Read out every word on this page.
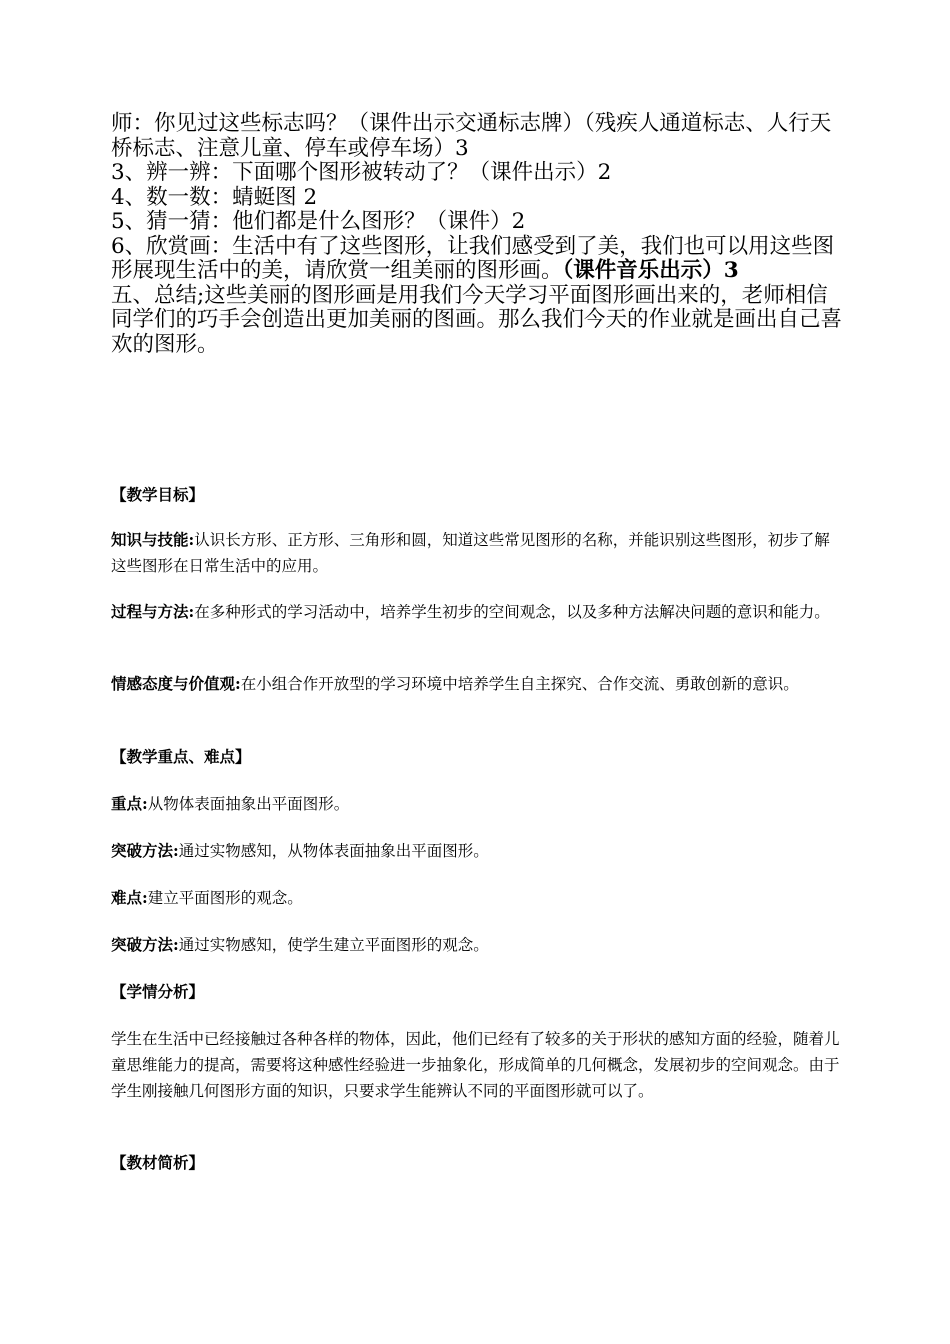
师：你见过这些标志吗？（课件出示交通标志牌）（残疾人通道标志、人行天桥标志、注意儿童、停车或停车场）3

3、辨一辨：下面哪个图形被转动了？（课件出示）2

4、数一数：蜻蜓图 2

5、猜一猜：他们都是什么图形？（课件）2

6、欣赏画：生活中有了这些图形，让我们感受到了美，我们也可以用这些图形展现生活中的美，请欣赏一组美丽的图形画。（课件音乐出示）3

五、总结;这些美丽的图形画是用我们今天学习平面图形画出来的，老师相信同学们的巧手会创造出更加美丽的图画。那么我们今天的作业就是画出自己喜欢的图形。

【教学目标】

知识与技能:认识长方形、正方形、三角形和圆，知道这些常见图形的名称，并能识别这些图形，初步了解这些图形在日常生活中的应用。

过程与方法:在多种形式的学习活动中，培养学生初步的空间观念，以及多种方法解决问题的意识和能力。

情感态度与价值观:在小组合作开放型的学习环境中培养学生自主探究、合作交流、勇敢创新的意识。

【教学重点、难点】

重点:从物体表面抽象出平面图形。

突破方法:通过实物感知，从物体表面抽象出平面图形。

难点:建立平面图形的观念。

突破方法:通过实物感知，使学生建立平面图形的观念。

【学情分析】

学生在生活中已经接触过各种各样的物体，因此，他们已经有了较多的关于形状的感知方面的经验，随着儿童思维能力的提高，需要将这种感性经验进一步抽象化，形成简单的几何概念，发展初步的空间观念。由于学生刚接触几何图形方面的知识，只要求学生能辨认不同的平面图形就可以了。

【教材简析】
